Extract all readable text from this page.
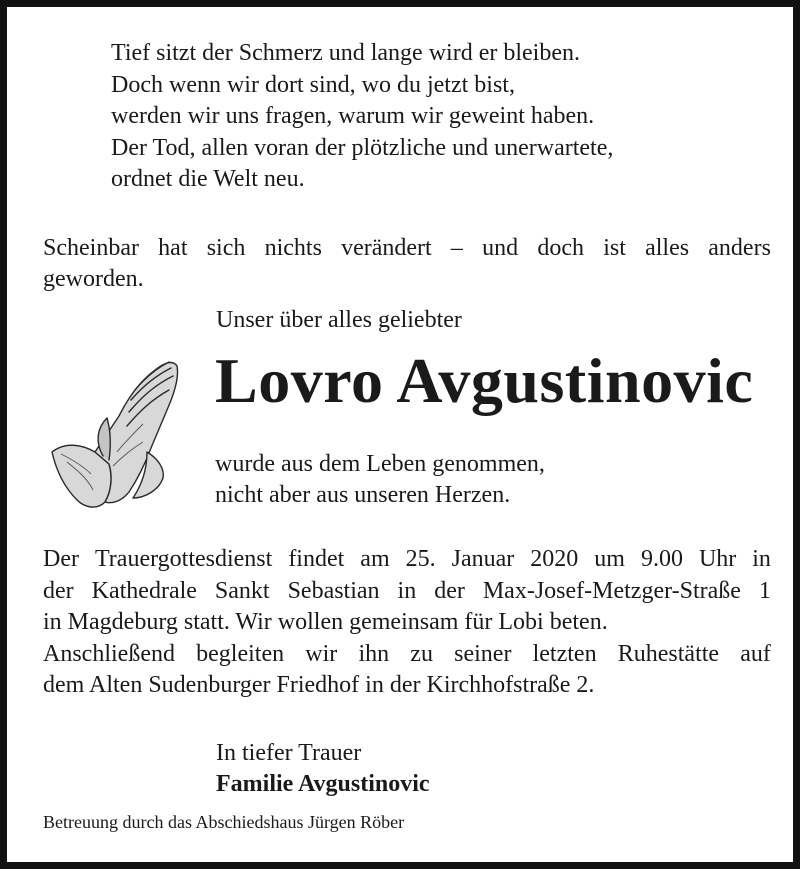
Tief sitzt der Schmerz und lange wird er bleiben.
Doch wenn wir dort sind, wo du jetzt bist,
werden wir uns fragen, warum wir geweint haben.
Der Tod, allen voran der plötzliche und unerwartete,
ordnet die Welt neu.
Scheinbar hat sich nichts verändert – und doch ist alles anders
geworden.
Unser über alles geliebter
Lovro Avgustinovic
wurde aus dem Leben genommen,
nicht aber aus unseren Herzen.
Der Trauergottesdienst findet am 25. Januar 2020 um 9.00 Uhr in
der Kathedrale Sankt Sebastian in der Max-Josef-Metzger-Straße 1
in Magdeburg statt. Wir wollen gemeinsam für Lobi beten.
Anschließend begleiten wir ihn zu seiner letzten Ruhestätte auf
dem Alten Sudenburger Friedhof in der Kirchhofstraße 2.
In tiefer Trauer
Familie Avgustinovic
Betreuung durch das Abschiedshaus Jürgen Röber
